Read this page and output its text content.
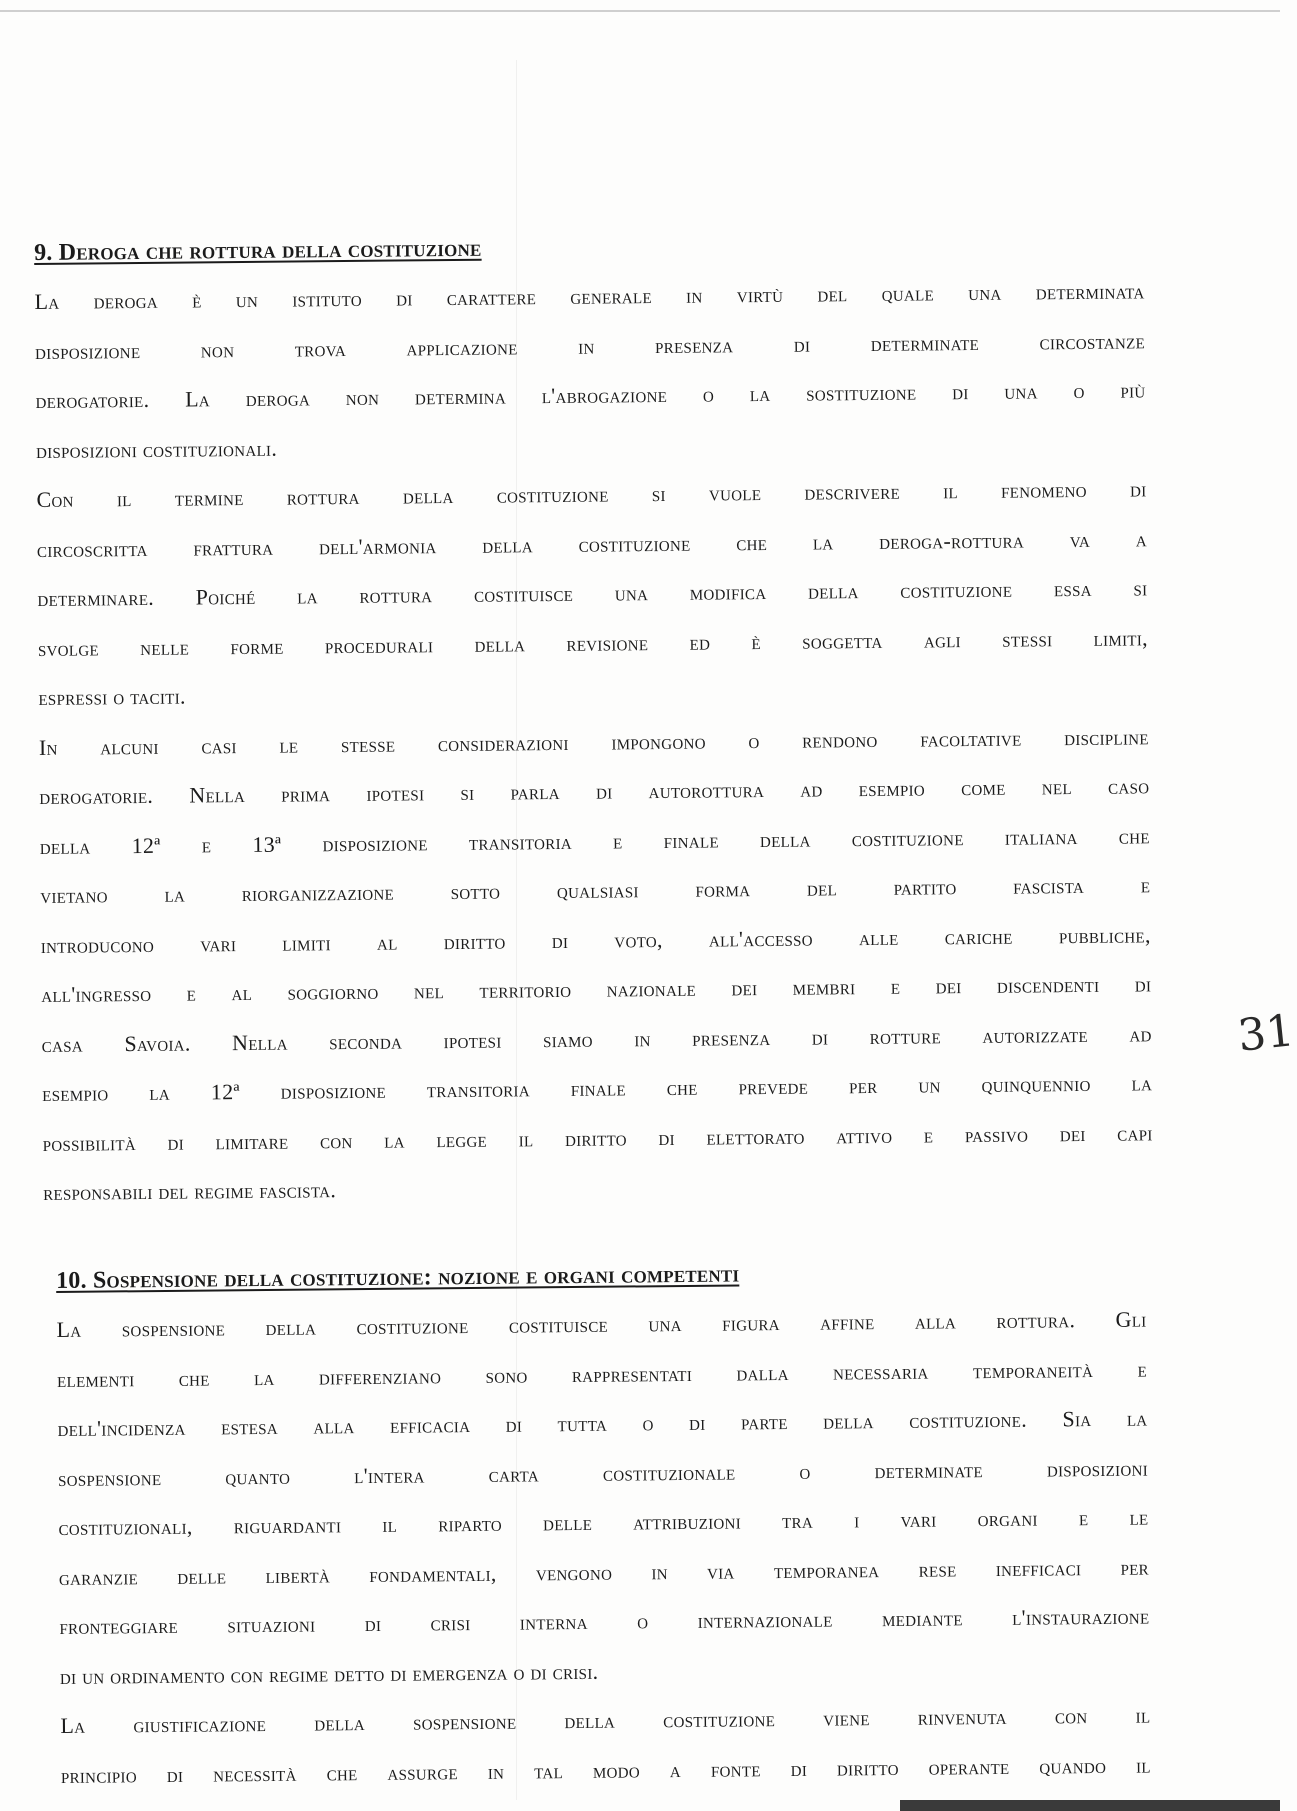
9. Deroga che rottura della costituzione
La deroga è un istituto di carattere generale in virtù del quale una determinata
disposizione non trova applicazione in presenza di determinate circostanze
derogatorie. La deroga non determina l'abrogazione o la sostituzione di una o più
disposizioni costituzionali.
Con il termine rottura della costituzione si vuole descrivere il fenomeno di
circoscritta frattura dell'armonia della costituzione che la deroga-rottura va a
determinare. Poiché la rottura costituisce una modifica della costituzione essa si
svolge nelle forme procedurali della revisione ed è soggetta agli stessi limiti,
espressi o taciti.
In alcuni casi le stesse considerazioni impongono o rendono facoltative discipline
derogatorie. Nella prima ipotesi si parla di autorottura ad esempio come nel caso
della 12ª e 13ª disposizione transitoria e finale della costituzione italiana che
vietano la riorganizzazione sotto qualsiasi forma del partito fascista e
introducono vari limiti al diritto di voto, all'accesso alle cariche pubbliche,
all'ingresso e al soggiorno nel territorio nazionale dei membri e dei discendenti di
casa Savoia. Nella seconda ipotesi siamo in presenza di rotture autorizzate ad
esempio la 12ª disposizione transitoria finale che prevede per un quinquennio la
possibilità di limitare con la legge il diritto di elettorato attivo e passivo dei capi
responsabili del regime fascista.
10. Sospensione della costituzione: nozione e organi competenti
La sospensione della costituzione costituisce una figura affine alla rottura. Gli
elementi che la differenziano sono rappresentati dalla necessaria temporaneità e
dell'incidenza estesa alla efficacia di tutta o di parte della costituzione. Sia la
sospensione quanto l'intera carta costituzionale o determinate disposizioni
costituzionali, riguardanti il riparto delle attribuzioni tra i vari organi e le
garanzie delle libertà fondamentali, vengono in via temporanea rese inefficaci per
fronteggiare situazioni di crisi interna o internazionale mediante l'instaurazione
di un ordinamento con regime detto di emergenza o di crisi.
La giustificazione della sospensione della costituzione viene rinvenuta con il
principio di necessità che assurge in tal modo a fonte di diritto operante quando il
31
